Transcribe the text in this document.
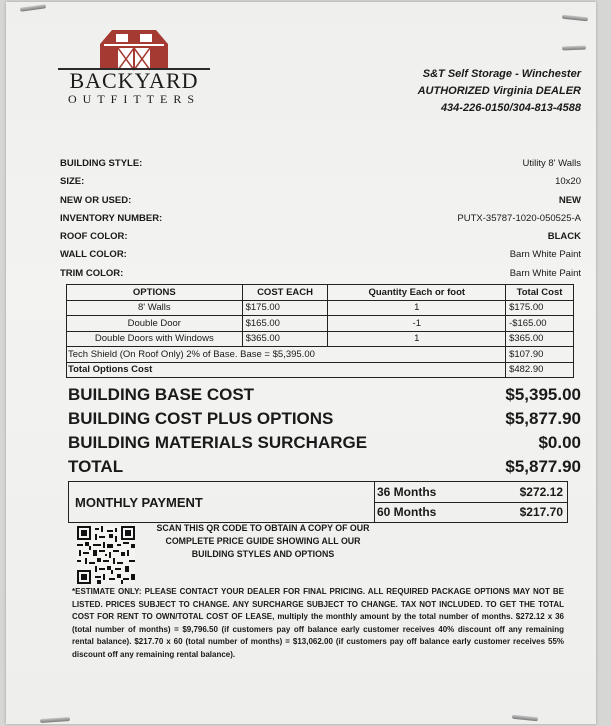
BACKYARD
OUTFITTERS
S&T Self Storage - Winchester
AUTHORIZED Virginia DEALER
434-226-0150/304-813-4588
BUILDING STYLE:	Utility 8' Walls
SIZE:	10x20
NEW OR USED:	NEW
INVENTORY NUMBER:	PUTX-35787-1020-050525-A
ROOF COLOR:	BLACK
WALL COLOR:	Barn White Paint
TRIM COLOR:	Barn White Paint
OPTIONS	COST EACH	Quantity Each or foot	Total Cost
8' Walls	$175.00	1	$175.00
Double Door	$165.00	-1	-$165.00
Double Doors with Windows	$365.00	1	$365.00
Tech Shield (On Roof Only) 2% of Base. Base = $5,395.00			$107.90
Total Options Cost			$482.90
BUILDING BASE COST	$5,395.00
BUILDING COST PLUS OPTIONS	$5,877.90
BUILDING MATERIALS SURCHARGE	$0.00
TOTAL	$5,877.90
MONTHLY PAYMENT
36 Months	$272.12
60 Months	$217.70
SCAN THIS QR CODE TO OBTAIN A COPY OF OUR COMPLETE PRICE GUIDE SHOWING ALL OUR BUILDING STYLES AND OPTIONS
*ESTIMATE ONLY: PLEASE CONTACT YOUR DEALER FOR FINAL PRICING. ALL REQUIRED PACKAGE OPTIONS MAY NOT BE LISTED. PRICES SUBJECT TO CHANGE. ANY SURCHARGE SUBJECT TO CHANGE. TAX NOT INCLUDED. TO GET THE TOTAL COST FOR RENT TO OWN/TOTAL COST OF LEASE, multiply the monthly amount by the total number of months. $272.12 x 36 (total number of months) = $9,796.50 (if customers pay off balance early customer receives 40% discount off any remaining rental balance). $217.70 x 60 (total number of months) = $13,062.00 (if customers pay off balance early customer receives 55% discount off any remaining rental balance).
